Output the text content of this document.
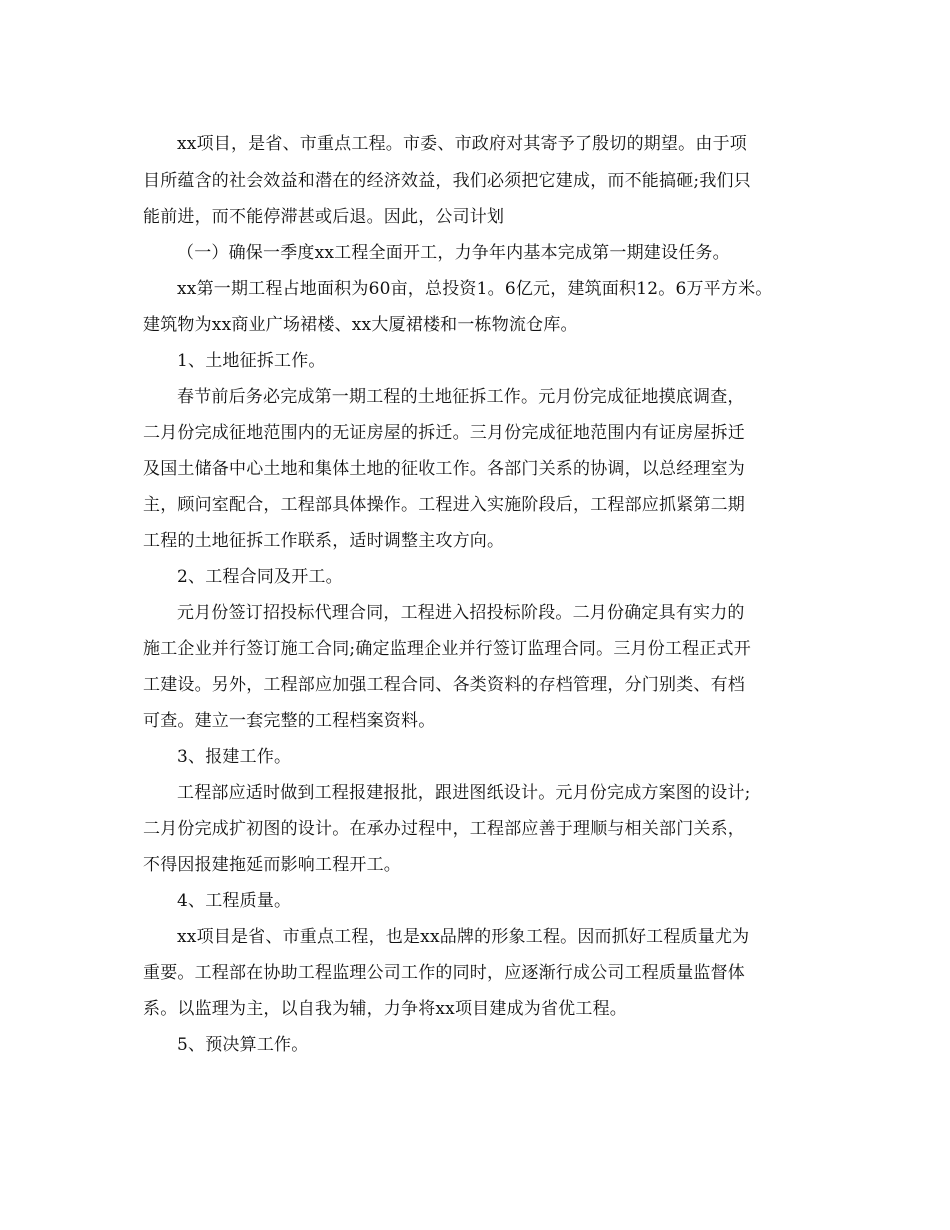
xx项目，是省、市重点工程。市委、市政府对其寄予了殷切的期望。由于项
目所蕴含的社会效益和潜在的经济效益，我们必须把它建成，而不能搞砸;我们只
能前进，而不能停滞甚或后退。因此，公司计划
（一）确保一季度xx工程全面开工，力争年内基本完成第一期建设任务。
xx第一期工程占地面积为60亩，总投资1。6亿元，建筑面积12。6万平方米。
建筑物为xx商业广场裙楼、xx大厦裙楼和一栋物流仓库。
1、土地征拆工作。
春节前后务必完成第一期工程的土地征拆工作。元月份完成征地摸底调查，
二月份完成征地范围内的无证房屋的拆迁。三月份完成征地范围内有证房屋拆迁
及国土储备中心土地和集体土地的征收工作。各部门关系的协调，以总经理室为
主，顾问室配合，工程部具体操作。工程进入实施阶段后，工程部应抓紧第二期
工程的土地征拆工作联系，适时调整主攻方向。
2、工程合同及开工。
元月份签订招投标代理合同，工程进入招投标阶段。二月份确定具有实力的
施工企业并行签订施工合同;确定监理企业并行签订监理合同。三月份工程正式开
工建设。另外，工程部应加强工程合同、各类资料的存档管理，分门别类、有档
可查。建立一套完整的工程档案资料。
3、报建工作。
工程部应适时做到工程报建报批，跟进图纸设计。元月份完成方案图的设计;
二月份完成扩初图的设计。在承办过程中，工程部应善于理顺与相关部门关系，
不得因报建拖延而影响工程开工。
4、工程质量。
xx项目是省、市重点工程，也是xx品牌的形象工程。因而抓好工程质量尤为
重要。工程部在协助工程监理公司工作的同时，应逐渐行成公司工程质量监督体
系。以监理为主，以自我为辅，力争将xx项目建成为省优工程。
5、预决算工作。
